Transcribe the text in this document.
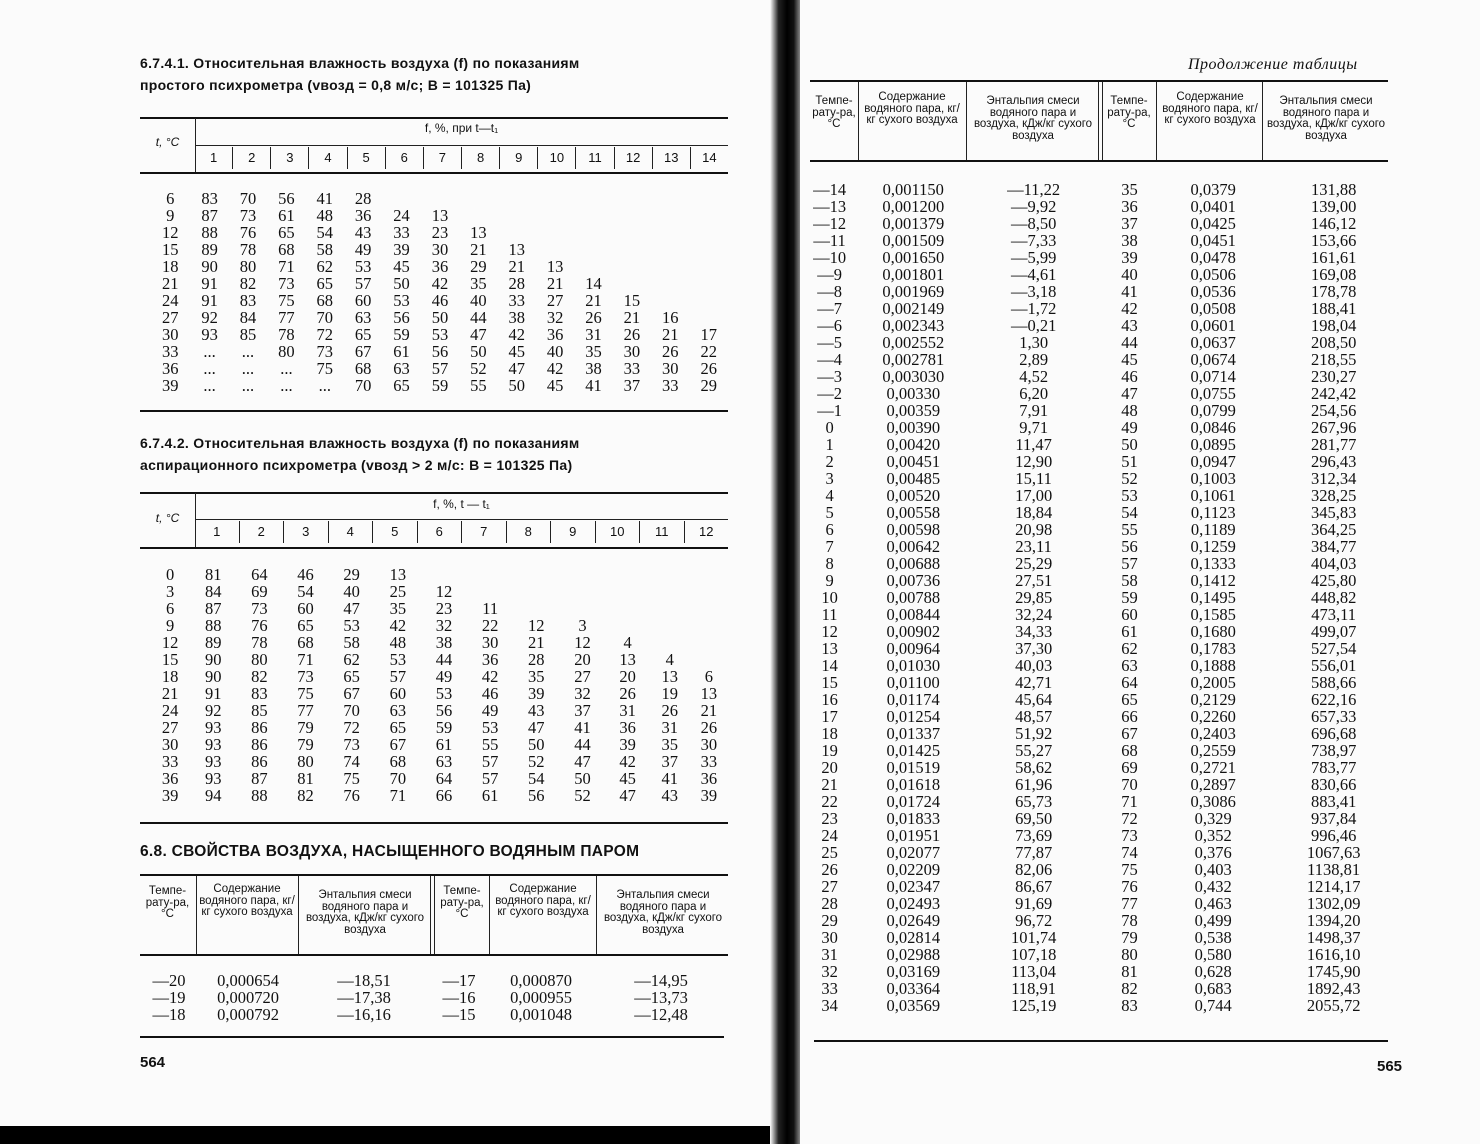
6.7.4.1. Относительная влажность воздуха (f) по показаниям
простого психрометра (vвозд = 0,8 м/с; B = 101325 Па)
t, °C
f, %, при t—t₁
1	2	3	4	5	6	7	8	9	10	11	12	13	14
6	83	70	56	41	28									
9	87	73	61	48	36	24	13							
12	88	76	65	54	43	33	23	13						
15	89	78	68	58	49	39	30	21	13					
18	90	80	71	62	53	45	36	29	21	13				
21	91	82	73	65	57	50	42	35	28	21	14			
24	91	83	75	68	60	53	46	40	33	27	21	15		
27	92	84	77	70	63	56	50	44	38	32	26	21	16	
30	93	85	78	72	65	59	53	47	42	36	31	26	21	17
33	...	...	80	73	67	61	56	50	45	40	35	30	26	22
36	...	...	...	75	68	63	57	52	47	42	38	33	30	26
39	...	...	...	...	70	65	59	55	50	45	41	37	33	29
6.7.4.2. Относительная влажность воздуха (f) по показаниям
аспирационного психрометра (vвозд > 2 м/с: B = 101325 Па)
t, °C
f, %, t — t₁
1	2	3	4	5	6	7	8	9	10	11	12
0	81	64	46	29	13							
3	84	69	54	40	25	12						
6	87	73	60	47	35	23	11					
9	88	76	65	53	42	32	22	12	3			
12	89	78	68	58	48	38	30	21	12	4		
15	90	80	71	62	53	44	36	28	20	13	4	
18	90	82	73	65	57	49	42	35	27	20	13	6
21	91	83	75	67	60	53	46	39	32	26	19	13
24	92	85	77	70	63	56	49	43	37	31	26	21
27	93	86	79	72	65	59	53	47	41	36	31	26
30	93	86	79	73	67	61	55	50	44	39	35	30
33	93	86	80	74	68	63	57	52	47	42	37	33
36	93	87	81	75	70	64	57	54	50	45	41	36
39	94	88	82	76	71	66	61	56	52	47	43	39
6.8. СВОЙСТВА ВОЗДУХА, НАСЫЩЕННОГО ВОДЯНЫМ ПАРОМ
Темпе-рату-ра, °C
Содержание водяного пара, кг/кг сухого воздуха
Энтальпия смеси водяного пара и воздуха, кДж/кг сухого воздуха
Темпе-рату-ра, °C
Содержание водяного пара, кг/кг сухого воздуха
Энтальпия смеси водяного пара и воздуха, кДж/кг сухого воздуха
—20	0,000654	—18,51	—17	0,000870	—14,95
—19	0,000720	—17,38	—16	0,000955	—13,73
—18	0,000792	—16,16	—15	0,001048	—12,48
564
Продолжение таблицы
Темпе-рату-ра, °C
Содержание водяного пара, кг/кг сухого воздуха
Энтальпия смеси водяного пара и воздуха, кДж/кг сухого воздуха
Темпе-рату-ра, °C
Содержание водяного пара, кг/кг сухого воздуха
Энтальпия смеси водяного пара и воздуха, кДж/кг сухого воздуха
—14	0,001150	—11,22	35	0,0379	131,88
—13	0,001200	—9,92	36	0,0401	139,00
—12	0,001379	—8,50	37	0,0425	146,12
—11	0,001509	—7,33	38	0,0451	153,66
—10	0,001650	—5,99	39	0,0478	161,61
—9	0,001801	—4,61	40	0,0506	169,08
—8	0,001969	—3,18	41	0,0536	178,78
—7	0,002149	—1,72	42	0,0508	188,41
—6	0,002343	—0,21	43	0,0601	198,04
—5	0,002552	1,30	44	0,0637	208,50
—4	0,002781	2,89	45	0,0674	218,55
—3	0,003030	4,52	46	0,0714	230,27
—2	0,00330	6,20	47	0,0755	242,42
—1	0,00359	7,91	48	0,0799	254,56
0	0,00390	9,71	49	0,0846	267,96
1	0,00420	11,47	50	0,0895	281,77
2	0,00451	12,90	51	0,0947	296,43
3	0,00485	15,11	52	0,1003	312,34
4	0,00520	17,00	53	0,1061	328,25
5	0,00558	18,84	54	0,1123	345,83
6	0,00598	20,98	55	0,1189	364,25
7	0,00642	23,11	56	0,1259	384,77
8	0,00688	25,29	57	0,1333	404,03
9	0,00736	27,51	58	0,1412	425,80
10	0,00788	29,85	59	0,1495	448,82
11	0,00844	32,24	60	0,1585	473,11
12	0,00902	34,33	61	0,1680	499,07
13	0,00964	37,30	62	0,1783	527,54
14	0,01030	40,03	63	0,1888	556,01
15	0,01100	42,71	64	0,2005	588,66
16	0,01174	45,64	65	0,2129	622,16
17	0,01254	48,57	66	0,2260	657,33
18	0,01337	51,92	67	0,2403	696,68
19	0,01425	55,27	68	0,2559	738,97
20	0,01519	58,62	69	0,2721	783,77
21	0,01618	61,96	70	0,2897	830,66
22	0,01724	65,73	71	0,3086	883,41
23	0,01833	69,50	72	0,329	937,84
24	0,01951	73,69	73	0,352	996,46
25	0,02077	77,87	74	0,376	1067,63
26	0,02209	82,06	75	0,403	1138,81
27	0,02347	86,67	76	0,432	1214,17
28	0,02493	91,69	77	0,463	1302,09
29	0,02649	96,72	78	0,499	1394,20
30	0,02814	101,74	79	0,538	1498,37
31	0,02988	107,18	80	0,580	1616,10
32	0,03169	113,04	81	0,628	1745,90
33	0,03364	118,91	82	0,683	1892,43
34	0,03569	125,19	83	0,744	2055,72
565
